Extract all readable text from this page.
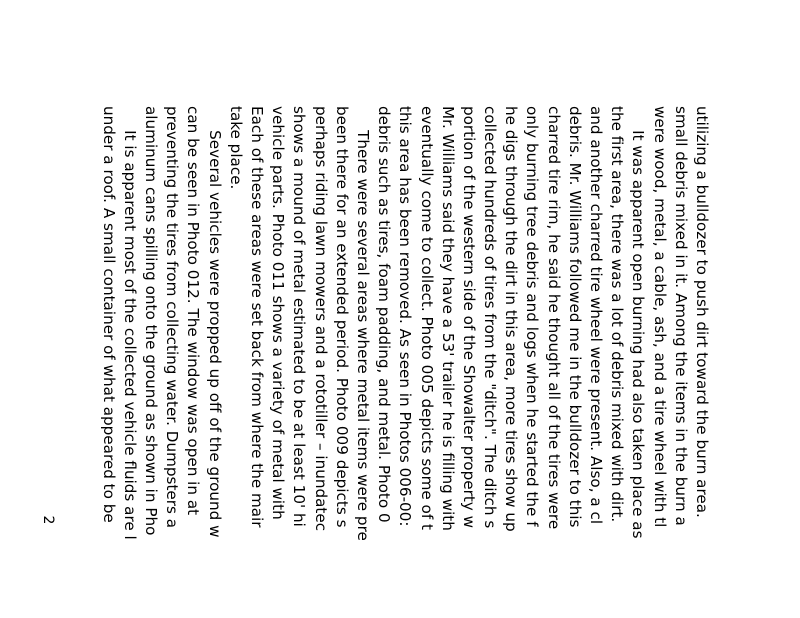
utilizing a bulldozer to push dirt toward the burn area.
small debris mixed in it. Among the items in the burn a
were wood, metal, a cable, ash, and a tire wheel with tl
It was apparent open burning had also taken place as
the first area, there was a lot of debris mixed with dirt.
and another charred tire wheel were present. Also, a cl
debris. Mr. Williams followed me in the bulldozer to this
charred tire rim, he said he thought all of the tires were
only burning tree debris and logs when he started the f
he digs through the dirt in this area, more tires show up
collected hundreds of tires from the "ditch". The ditch s
portion of the western side of the Showalter property w
Mr. Williams said they have a 53' trailer he is filling with
eventually come to collect. Photo 005 depicts some of t
this area has been removed. As seen in Photos 006-00:
debris such as tires, foam padding, and metal. Photo 0
There were several areas where metal items were pre
been there for an extended period. Photo 009 depicts s
perhaps riding lawn mowers and a rototiller – inundatec
shows a mound of metal estimated to be at least 10' hi
vehicle parts. Photo 011 shows a variety of metal with
Each of these areas were set back from where the mair
take place.
Several vehicles were propped up off of the ground w
can be seen in Photo 012. The window was open in at
preventing the tires from collecting water. Dumpsters a
aluminum cans spilling onto the ground as shown in Pho
It is apparent most of the collected vehicle fluids are l
under a roof. A small container of what appeared to be
2
